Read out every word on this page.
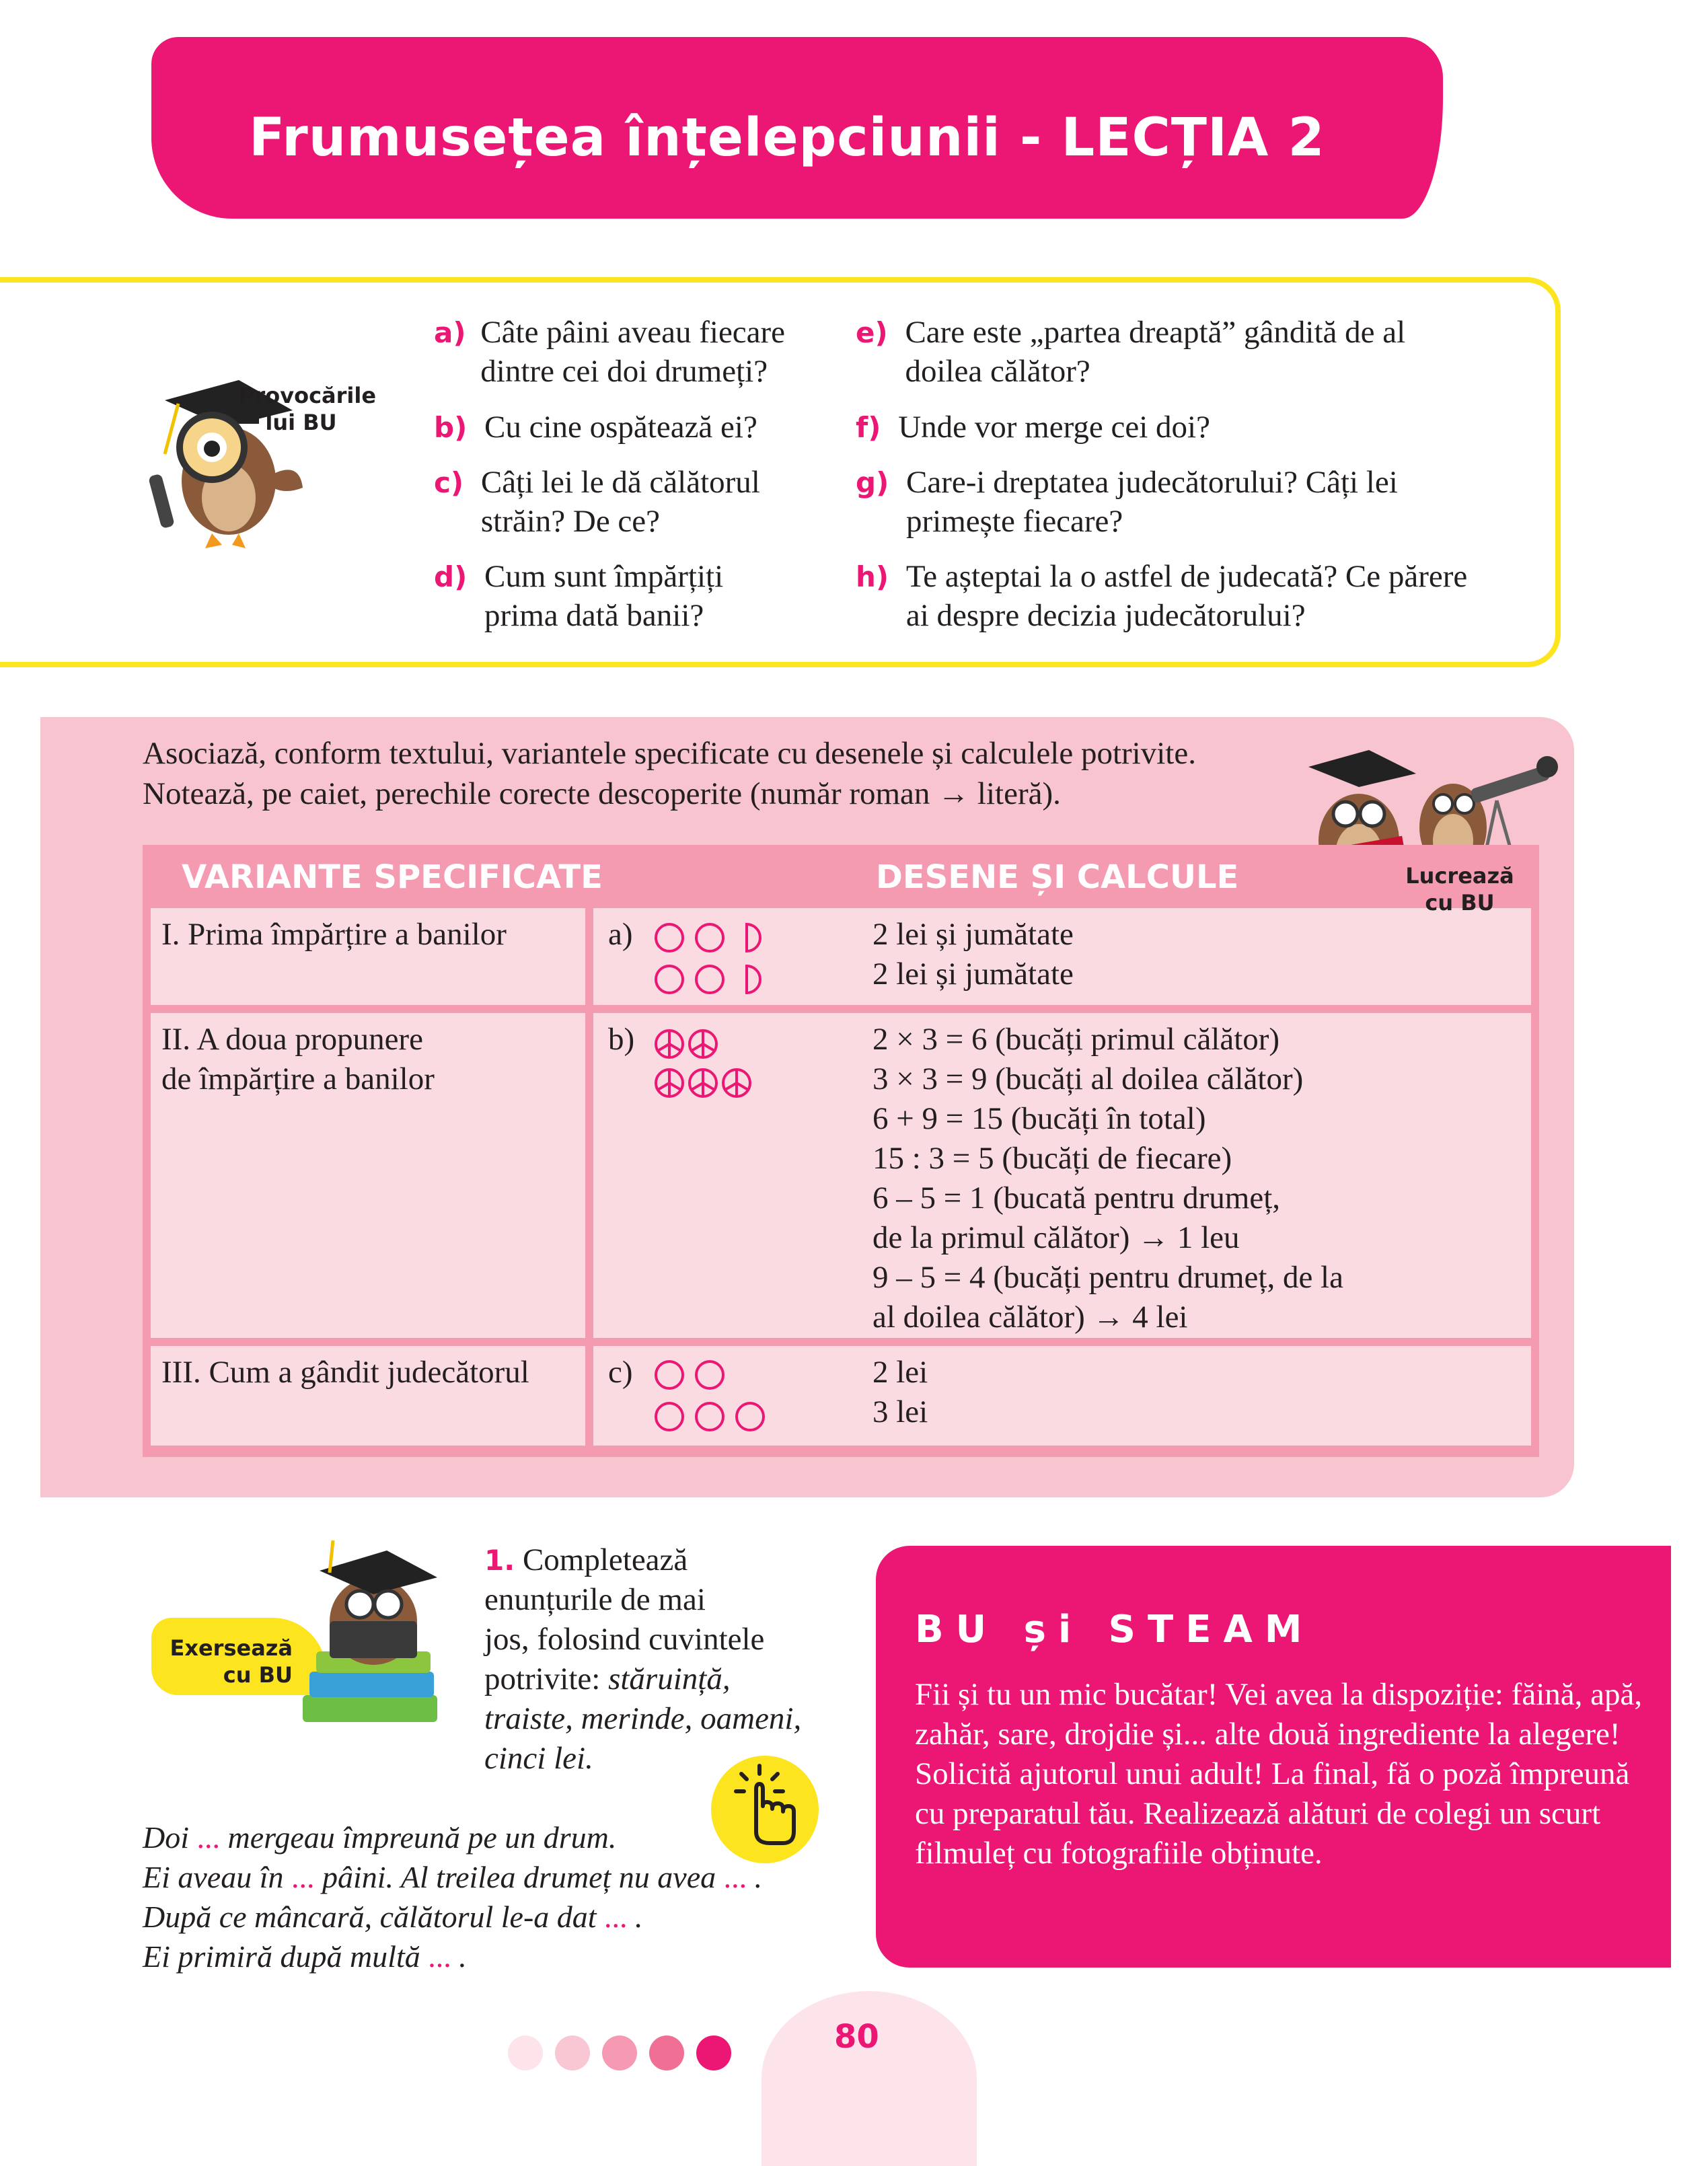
Frumusețea înțelepciunii - LECȚIA 2
Provocările
lui BU
a) Câte pâini aveau fiecare
dintre cei doi drumeți?
b) Cu cine ospătează ei?
c) Câți lei le dă călătorul
străin? De ce?
d) Cum sunt împărțiți
prima dată banii?
e) Care este „partea dreaptă” gândită de al
doilea călător?
f) Unde vor merge cei doi?
g) Care-i dreptatea judecătorului? Câți lei
primește fiecare?
h) Te așteptai la o astfel de judecată? Ce părere
ai despre decizia judecătorului?
Asociază, conform textului, variantele specificate cu desenele și calculele potrivite.
Notează, pe caiet, perechile corecte descoperite (număr roman → literă).
VARIANTE SPECIFICATE	DESENE ȘI CALCULE
I. Prima împărțire a banilor	a)	2 lei și jumătate
2 lei și jumătate
II. A doua propunere
de împărțire a banilor
b)	2 × 3 = 6 (bucăți primul călător)
3 × 3 = 9 (bucăți al doilea călător)
6 + 9 = 15 (bucăți în total)
15 : 3 = 5 (bucăți de fiecare)
6 – 5 = 1 (bucată pentru drumeț,
de la primul călător) → 1 leu
9 – 5 = 4 (bucăți pentru drumeț, de la
al doilea călător) → 4 lei
III. Cum a gândit judecătorul c)	2 lei
3 lei
Lucrează
cu BU
Exersează
cu BU
1. Completează
enunțurile de mai
jos, folosind cuvintele
potrivite: stăruință,
traiste, merinde, oameni,
cinci lei.
Doi ... mergeau împreună pe un drum.
Ei aveau în ... pâini. Al treilea drumeț nu avea ... .
După ce mâncară, călătorul le-a dat ... .
Ei primiră după multă ... .
BU și STEAM
Fii și tu un mic bucătar! Vei avea la dispoziție: făină, apă, zahăr, sare, drojdie și... alte două ingrediente la alegere! Solicită ajutorul unui adult! La final, fă o poză împreună cu preparatul tău. Realizează alături de colegi un scurt filmuleț cu fotografiile obținute.
80
